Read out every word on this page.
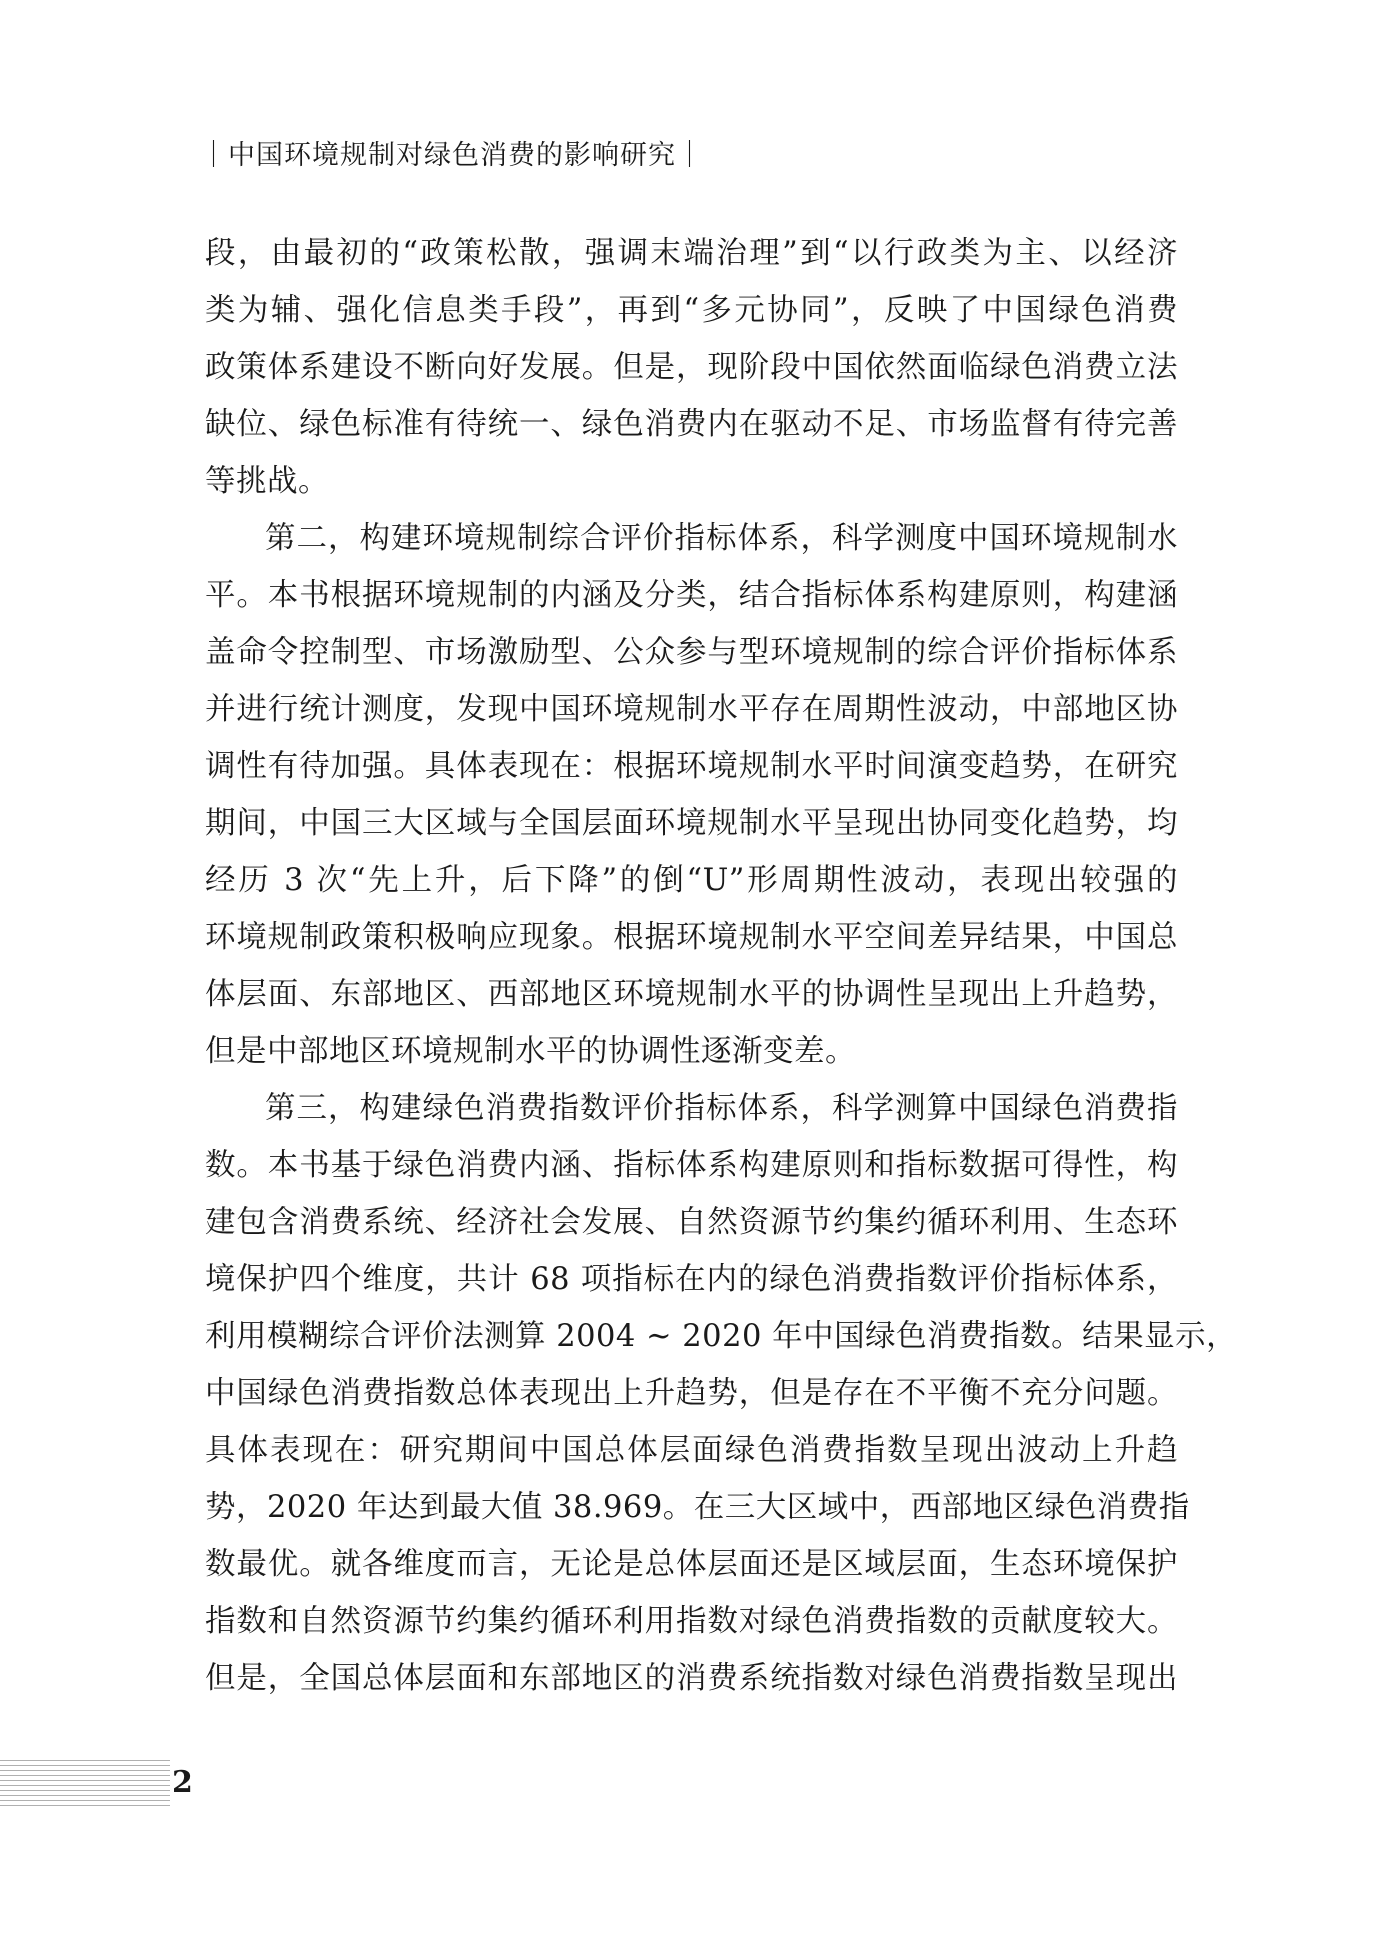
｜中国环境规制对绿色消费的影响研究｜
段，由最初的“政策松散，强调末端治理”到“以行政类为主、以经济
类为辅、强化信息类手段”，再到“多元协同”，反映了中国绿色消费
政策体系建设不断向好发展。但是，现阶段中国依然面临绿色消费立法
缺位、绿色标准有待统一、绿色消费内在驱动不足、市场监督有待完善
等挑战。
第二，构建环境规制综合评价指标体系，科学测度中国环境规制水
平。本书根据环境规制的内涵及分类，结合指标体系构建原则，构建涵
盖命令控制型、市场激励型、公众参与型环境规制的综合评价指标体系
并进行统计测度，发现中国环境规制水平存在周期性波动，中部地区协
调性有待加强。具体表现在：根据环境规制水平时间演变趋势，在研究
期间，中国三大区域与全国层面环境规制水平呈现出协同变化趋势，均
经历 3 次“先上升，后下降”的倒“U”形周期性波动，表现出较强的
环境规制政策积极响应现象。根据环境规制水平空间差异结果，中国总
体层面、东部地区、西部地区环境规制水平的协调性呈现出上升趋势，
但是中部地区环境规制水平的协调性逐渐变差。
第三，构建绿色消费指数评价指标体系，科学测算中国绿色消费指
数。本书基于绿色消费内涵、指标体系构建原则和指标数据可得性，构
建包含消费系统、经济社会发展、自然资源节约集约循环利用、生态环
境保护四个维度，共计 68 项指标在内的绿色消费指数评价指标体系，
利用模糊综合评价法测算 2004 ~ 2020 年中国绿色消费指数。结果显示，
中国绿色消费指数总体表现出上升趋势，但是存在不平衡不充分问题。
具体表现在：研究期间中国总体层面绿色消费指数呈现出波动上升趋
势，2020 年达到最大值 38.969。在三大区域中，西部地区绿色消费指
数最优。就各维度而言，无论是总体层面还是区域层面，生态环境保护
指数和自然资源节约集约循环利用指数对绿色消费指数的贡献度较大。
但是，全国总体层面和东部地区的消费系统指数对绿色消费指数呈现出
2
